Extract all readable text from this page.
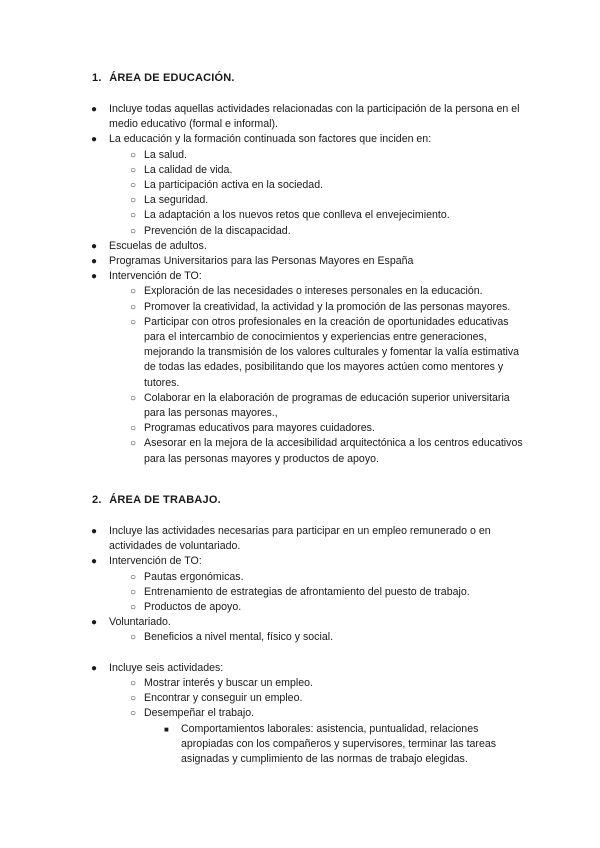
1. ÁREA DE EDUCACIÓN.
● Incluye todas aquellas actividades relacionadas con la participación de la persona en el medio educativo (formal e informal).
● La educación y la formación continuada son factores que inciden en:
○ La salud.
○ La calidad de vida.
○ La participación activa en la sociedad.
○ La seguridad.
○ La adaptación a los nuevos retos que conlleva el envejecimiento.
○ Prevención de la discapacidad.
● Escuelas de adultos.
● Programas Universitarios para las Personas Mayores en España
● Intervención de TO:
○ Exploración de las necesidades o intereses personales en la educación.
○ Promover la creatividad, la actividad y la promoción de las personas mayores.
○ Participar con otros profesionales en la creación de oportunidades educativas para el intercambio de conocimientos y experiencias entre generaciones, mejorando la transmisión de los valores culturales y fomentar la valía estimativa de todas las edades, posibilitando que los mayores actúen como mentores y tutores.
○ Colaborar en la elaboración de programas de educación superior universitaria para las personas mayores.,
○ Programas educativos para mayores cuidadores.
○ Asesorar en la mejora de la accesibilidad arquitectónica a los centros educativos para las personas mayores y productos de apoyo.
2. ÁREA DE TRABAJO.
● Incluye las actividades necesarias para participar en un empleo remunerado o en actividades de voluntariado.
● Intervención de TO:
○ Pautas ergonómicas.
○ Entrenamiento de estrategias de afrontamiento del puesto de trabajo.
○ Productos de apoyo.
● Voluntariado.
○ Beneficios a nivel mental, físico y social.
● Incluye seis actividades:
○ Mostrar interés y buscar un empleo.
○ Encontrar y conseguir un empleo.
○ Desempeñar el trabajo.
■ Comportamientos laborales: asistencia, puntualidad, relaciones apropiadas con los compañeros y supervisores, terminar las tareas asignadas y cumplimiento de las normas de trabajo elegidas.
